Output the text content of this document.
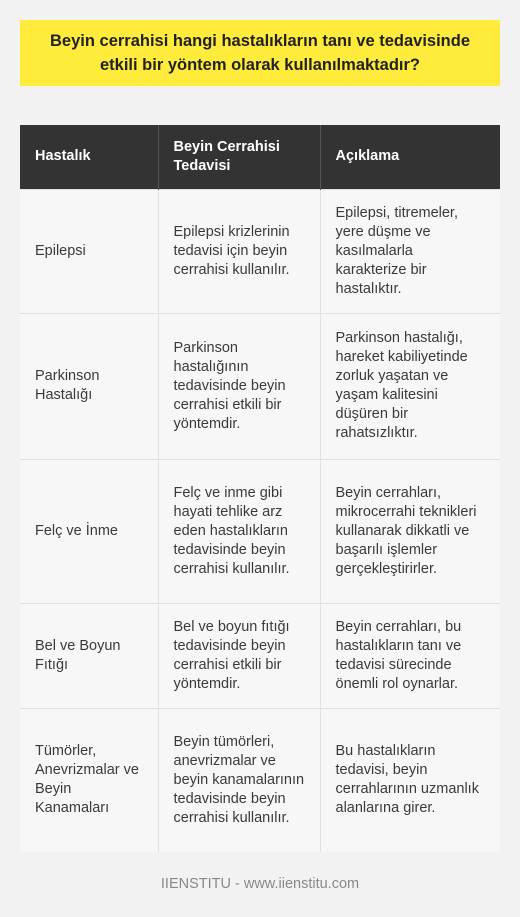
Beyin cerrahisi hangi hastalıkların tanı ve tedavisinde etkili bir yöntem olarak kullanılmaktadır?
Hastalık	Beyin Cerrahisi Tedavisi	Açıklama
Epilepsi	Epilepsi krizlerinin tedavisi için beyin cerrahisi kullanılır.	Epilepsi, titremeler, yere düşme ve kasılmalarla karakterize bir hastalıktır.
Parkinson Hastalığı	Parkinson hastalığının tedavisinde beyin cerrahisi etkili bir yöntemdir.	Parkinson hastalığı, hareket kabiliyetinde zorluk yaşatan ve yaşam kalitesini düşüren bir rahatsızlıktır.
Felç ve İnme	Felç ve inme gibi hayati tehlike arz eden hastalıkların tedavisinde beyin cerrahisi kullanılır.	Beyin cerrahları, mikrocerrahi teknikleri kullanarak dikkatli ve başarılı işlemler gerçekleştirirler.
Bel ve Boyun Fıtığı	Bel ve boyun fıtığı tedavisinde beyin cerrahisi etkili bir yöntemdir.	Beyin cerrahları, bu hastalıkların tanı ve tedavisi sürecinde önemli rol oynarlar.
Tümörler, Anevrizmalar ve Beyin Kanamaları	Beyin tümörleri, anevrizmalar ve beyin kanamalarının tedavisinde beyin cerrahisi kullanılır.	Bu hastalıkların tedavisi, beyin cerrahlarının uzmanlık alanlarına girer.
IIENSTITU - www.iienstitu.com
